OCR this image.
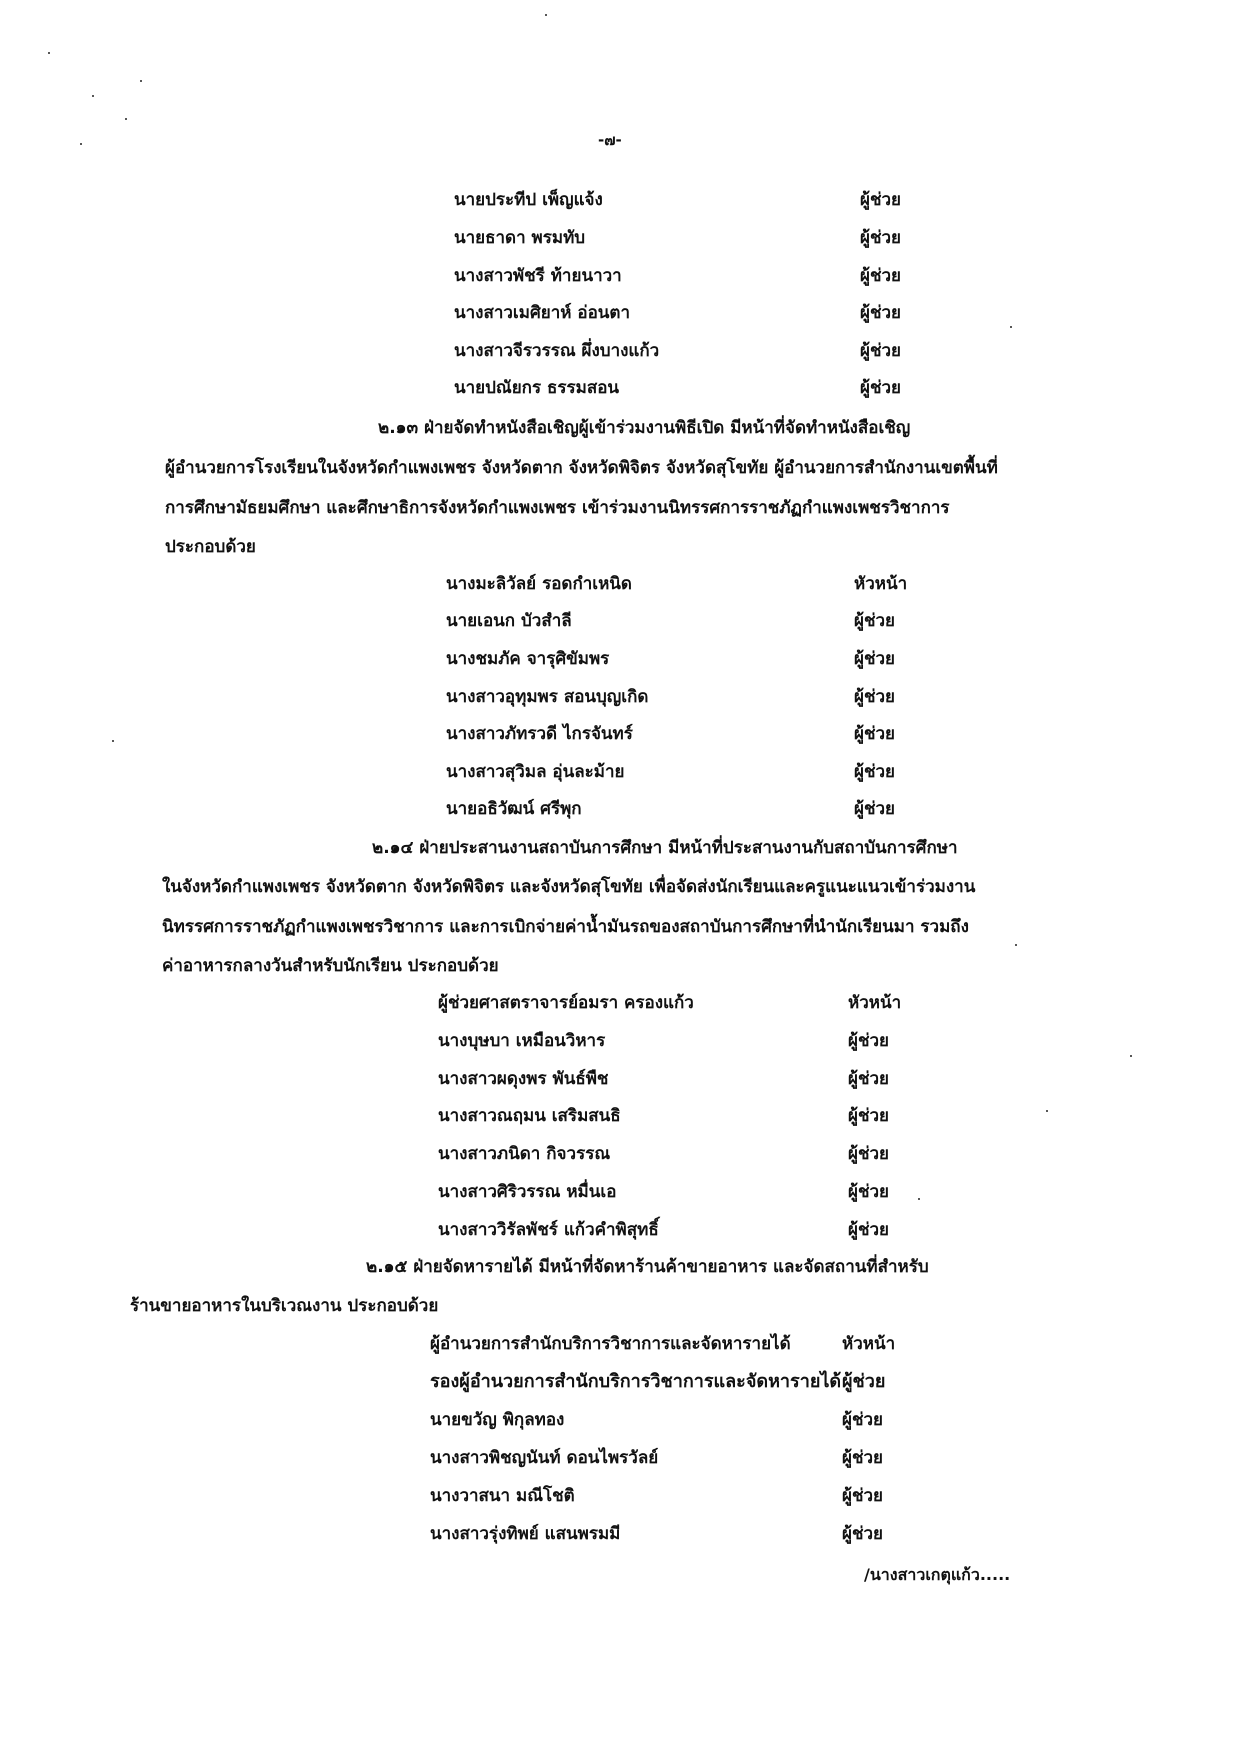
-๗-
นายประทีป เพ็ญแจ้ง	ผู้ช่วย
นายธาดา พรมทับ	ผู้ช่วย
นางสาวพัชรี ท้ายนาวา	ผู้ช่วย
นางสาวเมศิยาห์ อ่อนตา	ผู้ช่วย
นางสาวจีรวรรณ ผึ่งบางแก้ว	ผู้ช่วย
นายปณัยกร ธรรมสอน	ผู้ช่วย
๒.๑๓ ฝ่ายจัดทำหนังสือเชิญผู้เข้าร่วมงานพิธีเปิด มีหน้าที่จัดทำหนังสือเชิญ
ผู้อำนวยการโรงเรียนในจังหวัดกำแพงเพชร จังหวัดตาก จังหวัดพิจิตร จังหวัดสุโขทัย ผู้อำนวยการสำนักงานเขตพื้นที่
การศึกษามัธยมศึกษา และศึกษาธิการจังหวัดกำแพงเพชร เข้าร่วมงานนิทรรศการราชภัฏกำแพงเพชรวิชาการ
ประกอบด้วย
นางมะลิวัลย์ รอดกำเหนิด	หัวหน้า
นายเอนก บัวสำลี	ผู้ช่วย
นางชมภัค จารุศิขัมพร	ผู้ช่วย
นางสาวอุทุมพร สอนบุญเกิด	ผู้ช่วย
นางสาวภัทรวดี ไกรจันทร์	ผู้ช่วย
นางสาวสุวิมล อุ่นละม้าย	ผู้ช่วย
นายอธิวัฒน์ ศรีพุก	ผู้ช่วย
๒.๑๔ ฝ่ายประสานงานสถาบันการศึกษา มีหน้าที่ประสานงานกับสถาบันการศึกษา
ในจังหวัดกำแพงเพชร จังหวัดตาก จังหวัดพิจิตร และจังหวัดสุโขทัย เพื่อจัดส่งนักเรียนและครูแนะแนวเข้าร่วมงาน
นิทรรศการราชภัฏกำแพงเพชรวิชาการ และการเบิกจ่ายค่าน้ำมันรถของสถาบันการศึกษาที่นำนักเรียนมา รวมถึง
ค่าอาหารกลางวันสำหรับนักเรียน ประกอบด้วย
ผู้ช่วยศาสตราจารย์อมรา ครองแก้ว	หัวหน้า
นางบุษบา เหมือนวิหาร	ผู้ช่วย
นางสาวผดุงพร พันธ์พืช	ผู้ช่วย
นางสาวณฤมน เสริมสนธิ	ผู้ช่วย
นางสาวภนิดา กิจวรรณ	ผู้ช่วย
นางสาวศิริวรรณ หมื่นเอ	ผู้ช่วย
นางสาววิรัลพัชร์ แก้วคำพิสุทธิ์	ผู้ช่วย
๒.๑๕ ฝ่ายจัดหารายได้ มีหน้าที่จัดหาร้านค้าขายอาหาร และจัดสถานที่สำหรับ
ร้านขายอาหารในบริเวณงาน ประกอบด้วย
ผู้อำนวยการสำนักบริการวิชาการและจัดหารายได้	หัวหน้า
รองผู้อำนวยการสำนักบริการวิชาการและจัดหารายได้ ผู้ช่วย
นายขวัญ พิกุลทอง	ผู้ช่วย
นางสาวพิชญนันท์ ดอนไพรวัลย์	ผู้ช่วย
นางวาสนา มณีโชติ	ผู้ช่วย
นางสาวรุ่งทิพย์ แสนพรมมี	ผู้ช่วย
/นางสาวเกตุแก้ว.....
